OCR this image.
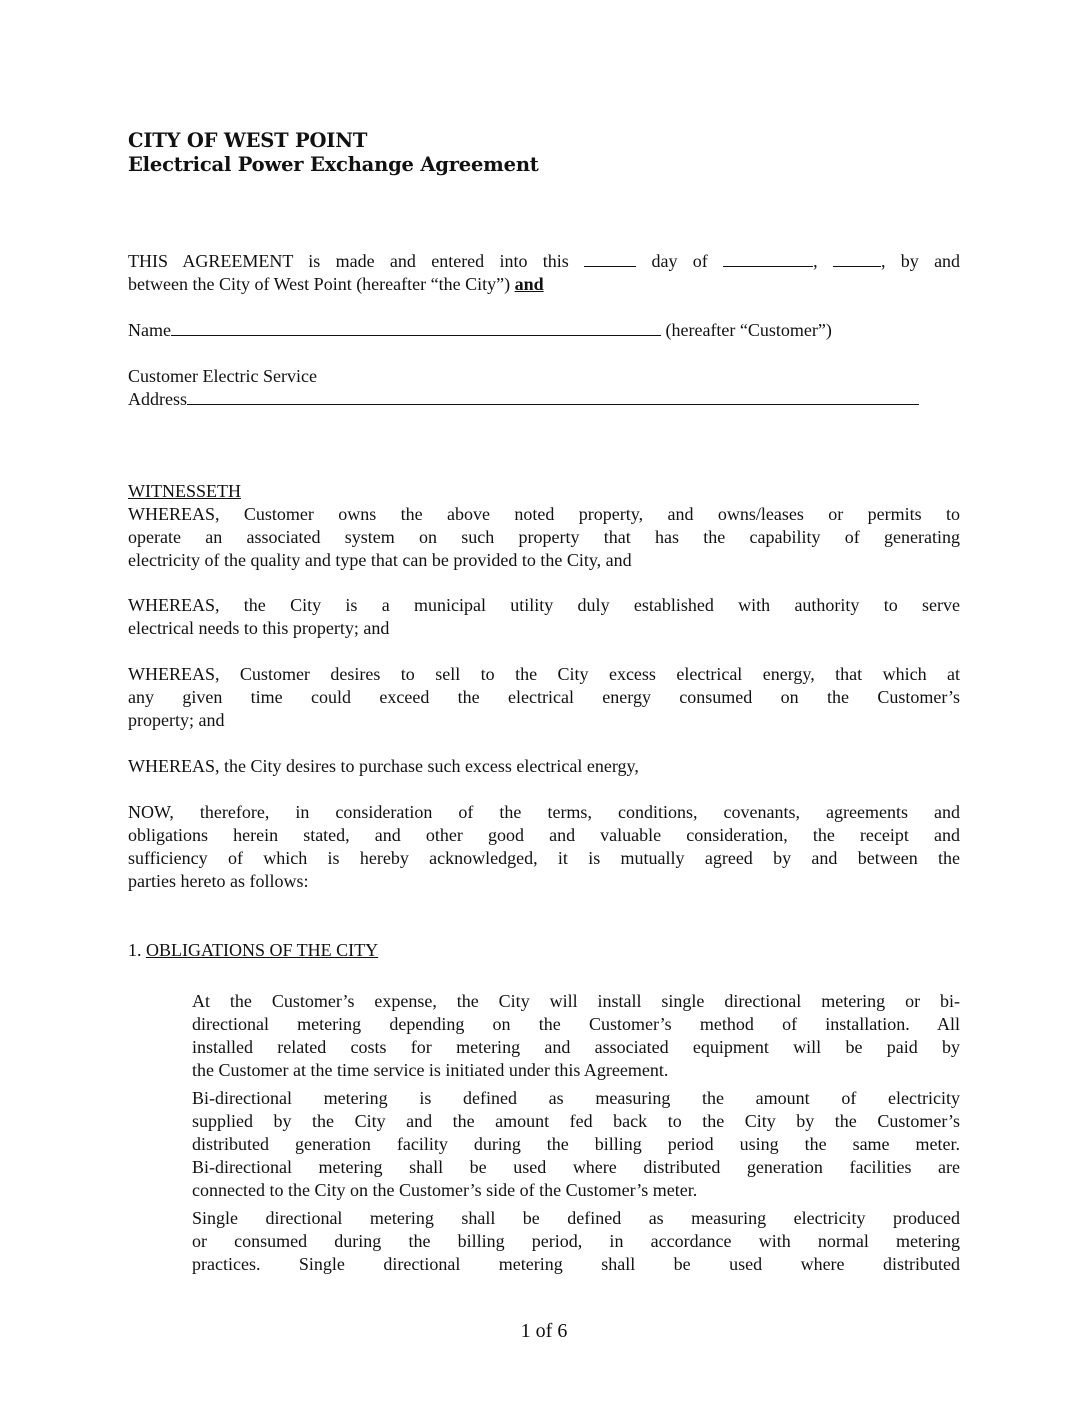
CITY OF WEST POINT
Electrical Power Exchange Agreement
THIS AGREEMENT is made and entered into this	day of	,	, by and
between the City of West Point (hereafter “the City”) and
Name	(hereafter “Customer”)
Customer Electric Service
Address
WITNESSETH
WHEREAS, Customer owns the above noted property, and owns/leases or permits to
operate an associated system on such property that has the capability of generating
electricity of the quality and type that can be provided to the City, and
WHEREAS, the City is a municipal utility duly established with authority to serve
electrical needs to this property; and
WHEREAS, Customer desires to sell to the City excess electrical energy, that which at
any given time could exceed the electrical energy consumed on the Customer’s
property; and
WHEREAS, the City desires to purchase such excess electrical energy,
NOW, therefore, in consideration of the terms, conditions, covenants, agreements and
obligations herein stated, and other good and valuable consideration, the receipt and
sufficiency of which is hereby acknowledged, it is mutually agreed by and between the
parties hereto as follows:
1. OBLIGATIONS OF THE CITY
At the Customer’s expense, the City will install single directional metering or bi-
directional metering depending on the Customer’s method of installation. All
installed related costs for metering and associated equipment will be paid by
the Customer at the time service is initiated under this Agreement.
Bi-directional metering is defined as measuring the amount of electricity
supplied by the City and the amount fed back to the City by the Customer’s
distributed generation facility during the billing period using the same meter.
Bi-directional metering shall be used where distributed generation facilities are
connected to the City on the Customer’s side of the Customer’s meter.
Single directional metering shall be defined as measuring electricity produced
or consumed during the billing period, in accordance with normal metering
practices. Single directional metering shall be used where distributed
1 of 6
